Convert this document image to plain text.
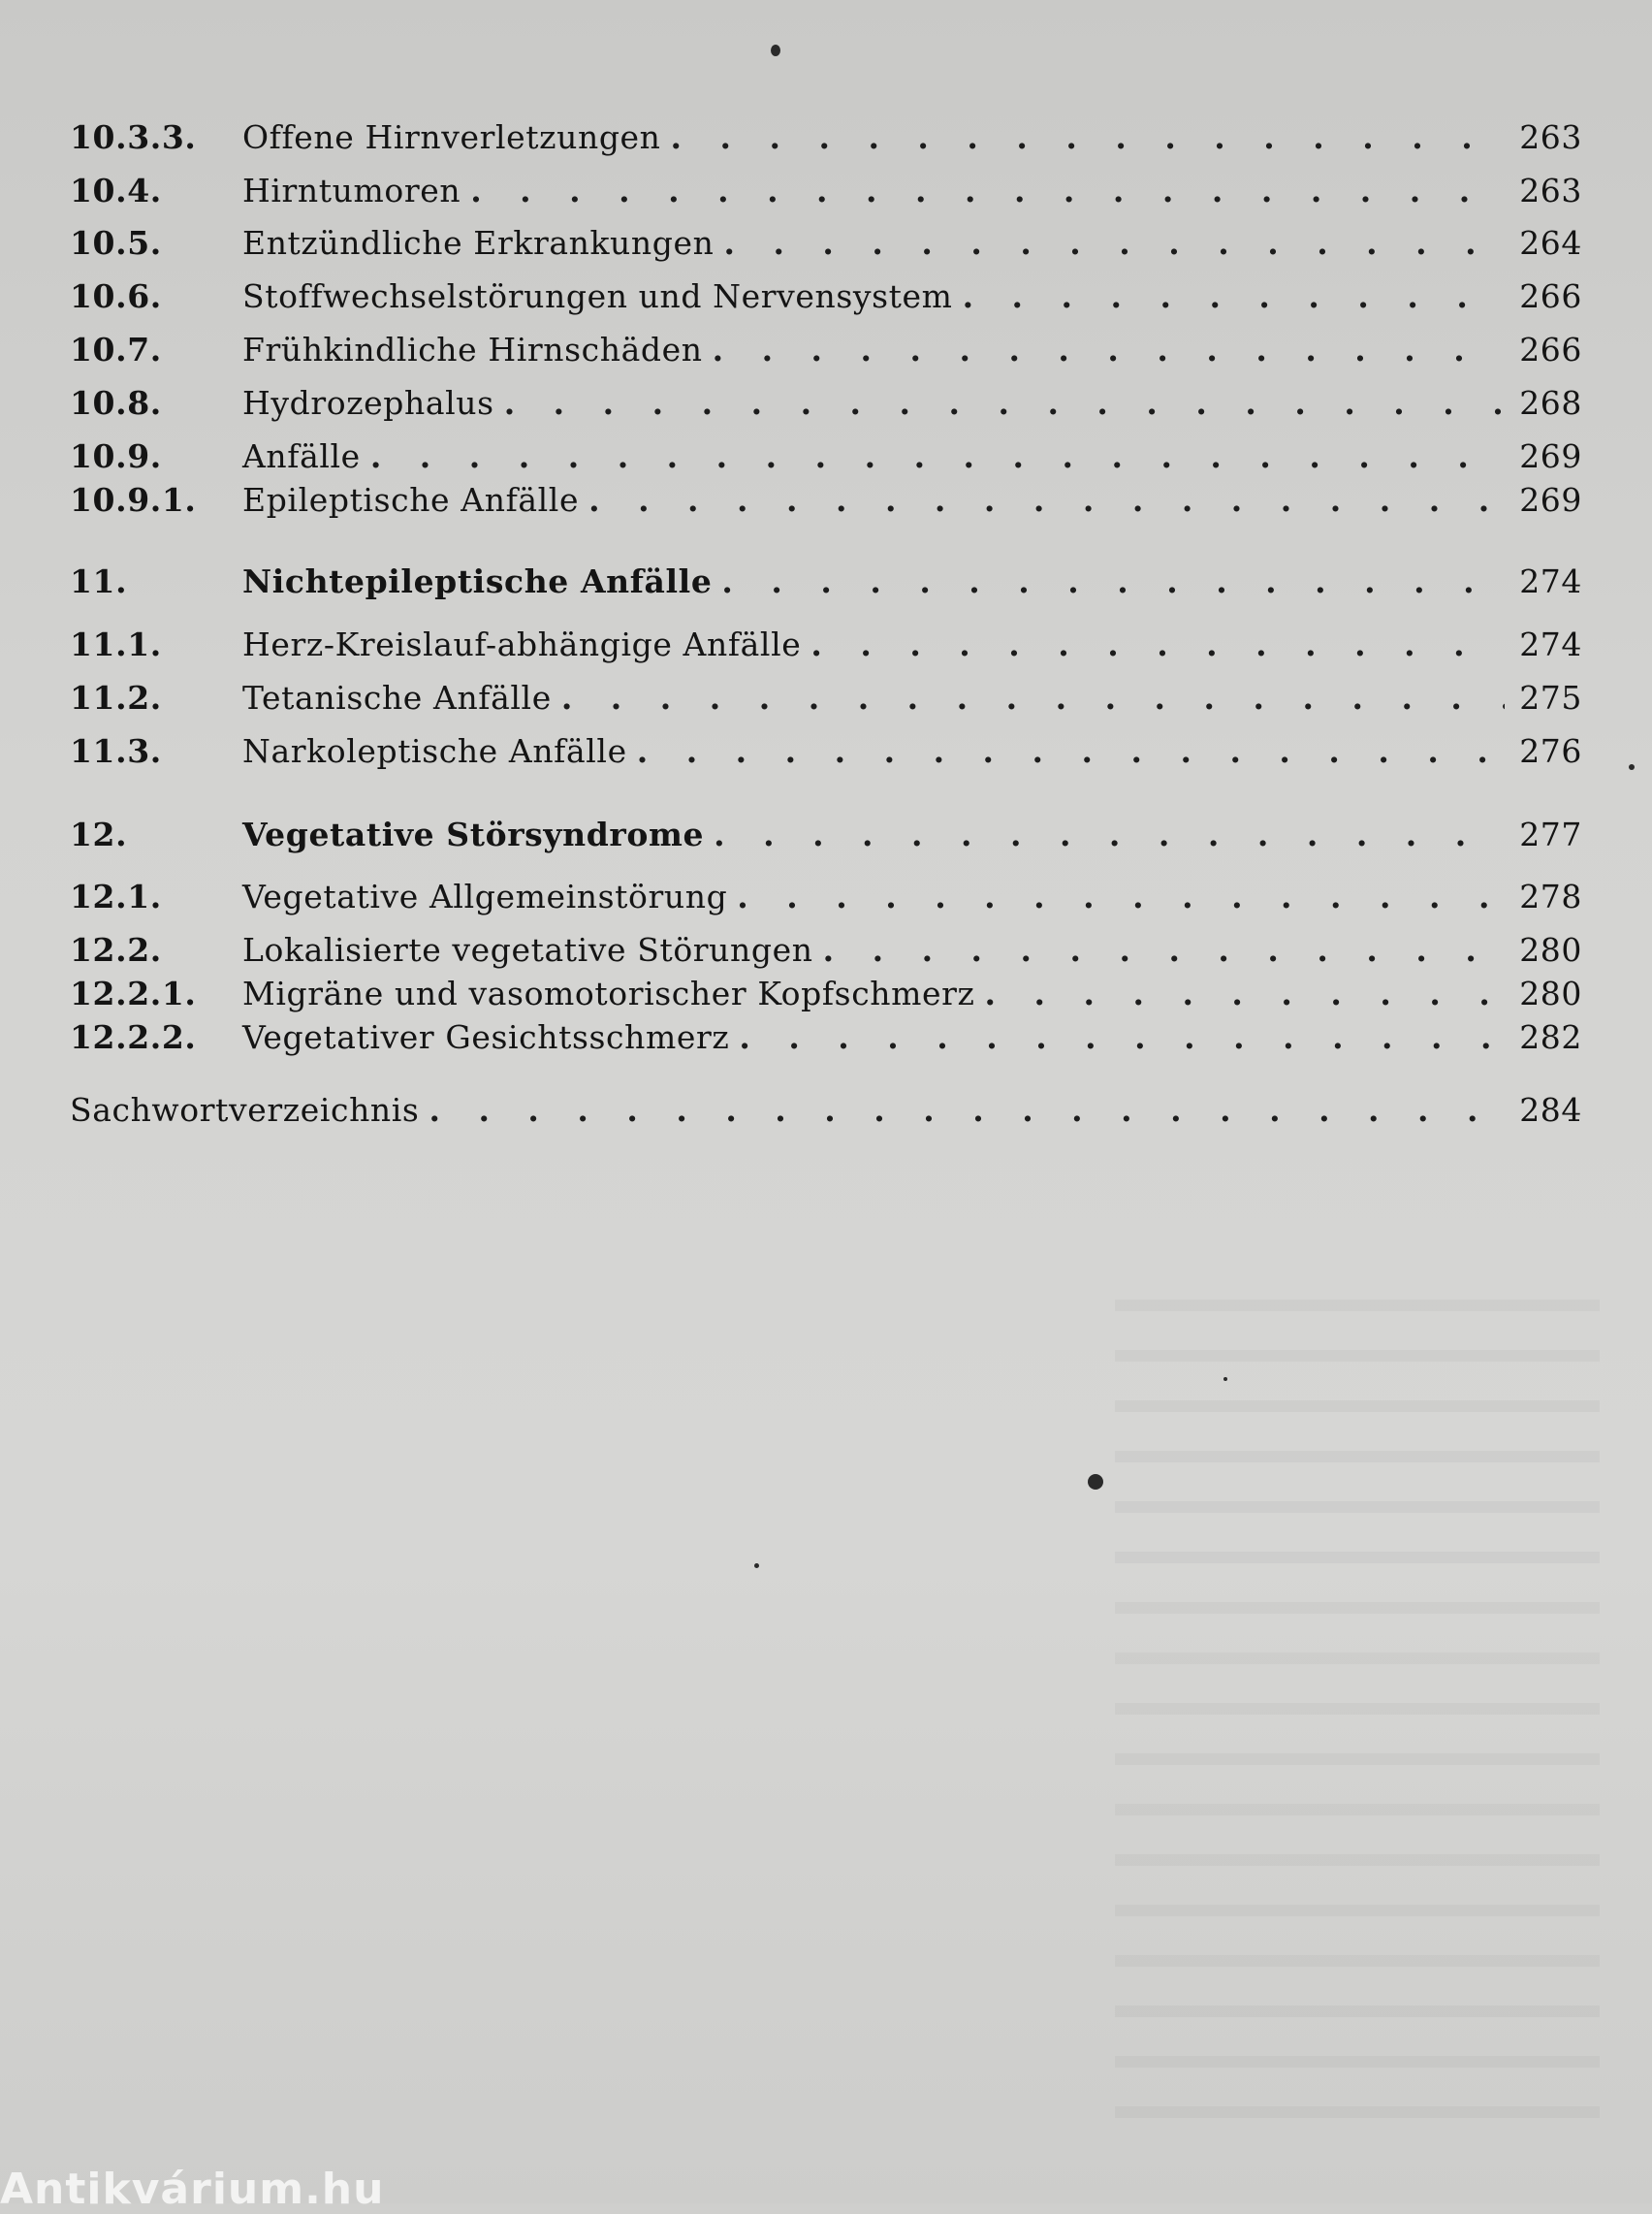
10.3.3.	Offene Hirnverletzungen . . .	263
10.4.	Hirntumoren . . .	263
10.5.	Entzündliche Erkrankungen . . .	264
10.6.	Stoffwechselstörungen und Nervensystem . . .	266
10.7.	Frühkindliche Hirnschäden . . .	266
10.8.	Hydrozephalus . . .	268
10.9.	Anfälle . . .	269
10.9.1.	Epileptische Anfälle . . .	269
11.	Nichtepileptische Anfälle . . .	274
11.1.	Herz-Kreislauf-abhängige Anfälle . . .	274
11.2.	Tetanische Anfälle . . .	275
11.3.	Narkoleptische Anfälle . . .	276
12.	Vegetative Störsyndrome . . .	277
12.1.	Vegetative Allgemeinstörung . . .	278
12.2.	Lokalisierte vegetative Störungen . . .	280
12.2.1.	Migräne und vasomotorischer Kopfschmerz . . .	280
12.2.2.	Vegetativer Gesichtsschmerz . . .	282
Sachwortverzeichnis . . .	284
Antikvárium.hu
